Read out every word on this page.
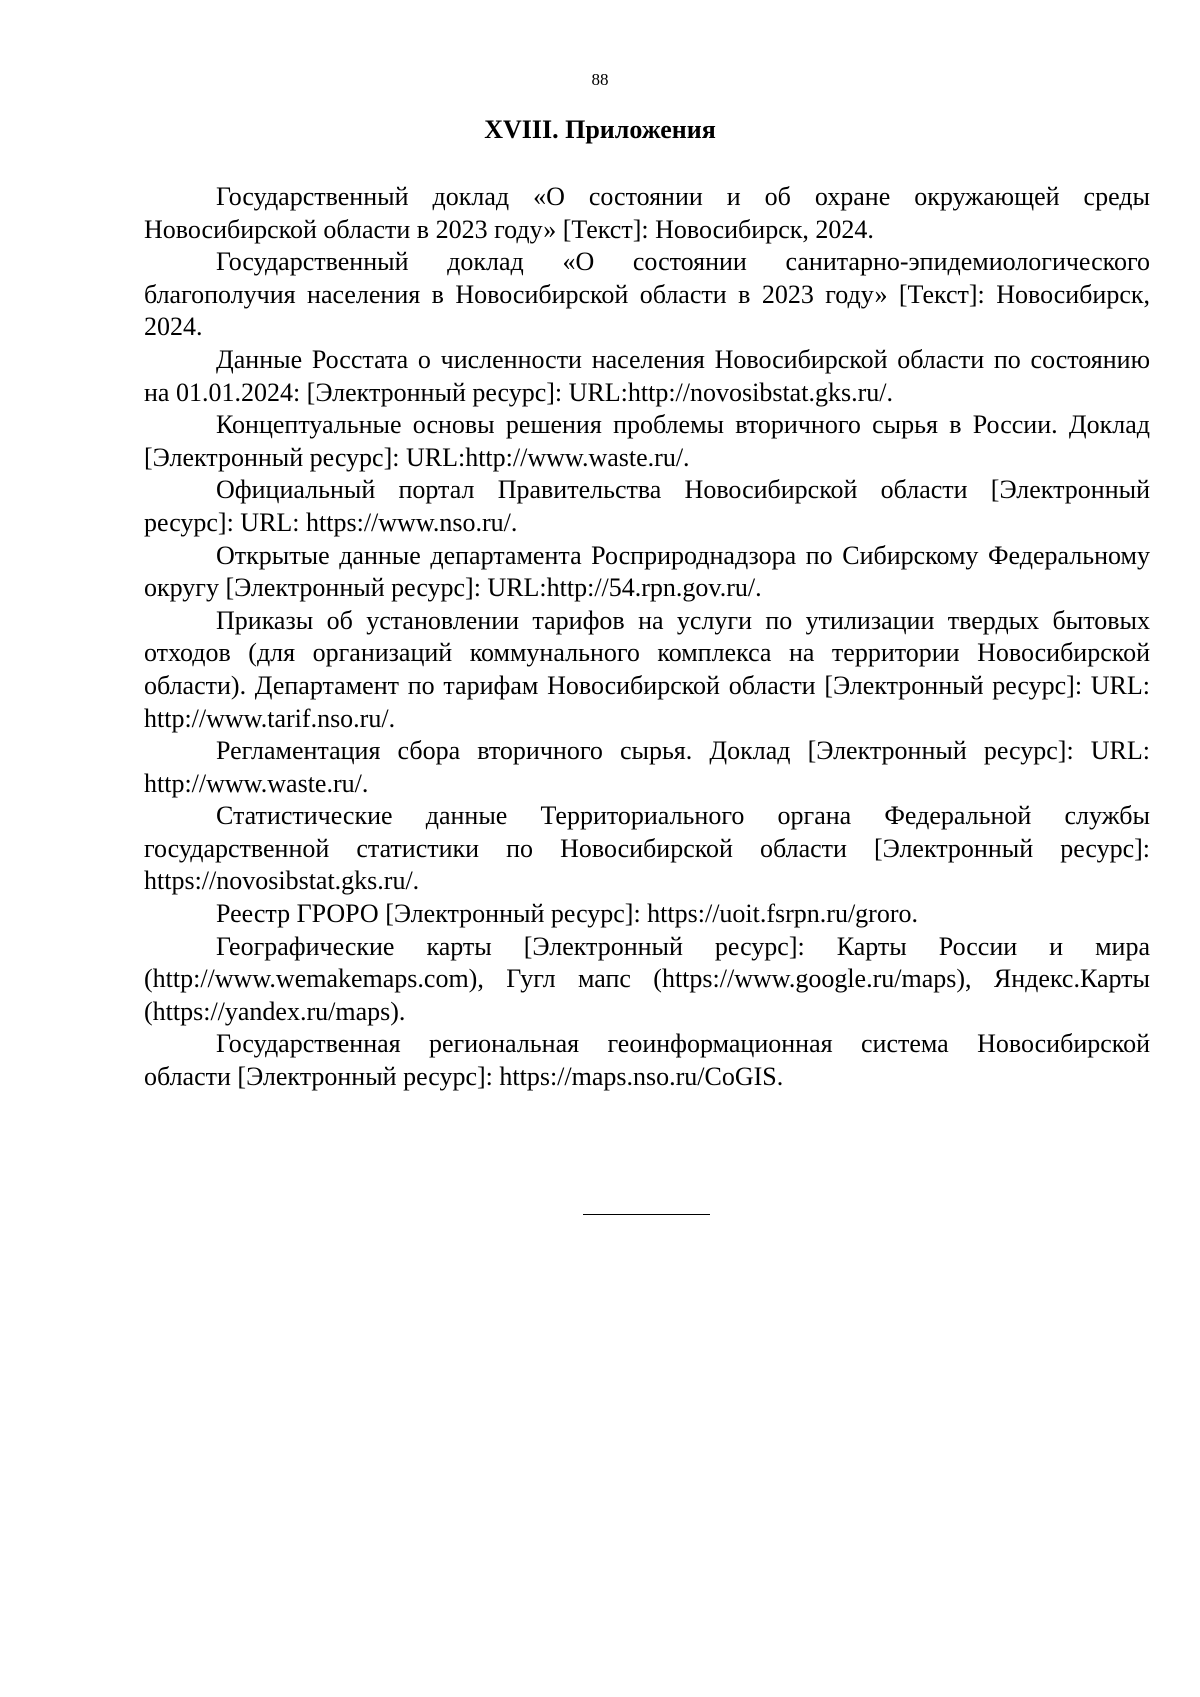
88
XVIII. Приложения

Государственный доклад «О состоянии и об охране окружающей среды Новосибирской области в 2023 году» [Текст]: Новосибирск, 2024.

Государственный доклад «О состоянии санитарно-эпидемиологического благополучия населения в Новосибирской области в 2023 году» [Текст]: Новосибирск, 2024.

Данные Росстата о численности населения Новосибирской области по состоянию на 01.01.2024: [Электронный ресурс]: URL:http://novosibstat.gks.ru/.

Концептуальные основы решения проблемы вторичного сырья в России. Доклад [Электронный ресурс]: URL:http://www.waste.ru/.

Официальный портал Правительства Новосибирской области [Электронный ресурс]: URL: https://www.nso.ru/.

Открытые данные департамента Росприроднадзора по Сибирскому Федеральному округу [Электронный ресурс]: URL:http://54.rpn.gov.ru/.

Приказы об установлении тарифов на услуги по утилизации твердых бытовых отходов (для организаций коммунального комплекса на территории Новосибирской области). Департамент по тарифам Новосибирской области [Электронный ресурс]: URL: http://www.tarif.nso.ru/.

Регламентация сбора вторичного сырья. Доклад [Электронный ресурс]: URL: http://www.waste.ru/.

Статистические данные Территориального органа Федеральной службы государственной статистики по Новосибирской области [Электронный ресурс]: https://novosibstat.gks.ru/.

Реестр ГРОРО [Электронный ресурс]: https://uoit.fsrpn.ru/groro.

Географические карты [Электронный ресурс]: Карты России и мира (http://www.wemakemaps.com), Гугл мапс (https://www.google.ru/maps), Яндекс.Карты (https://yandex.ru/maps).

Государственная региональная геоинформационная система Новосибирской области [Электронный ресурс]: https://maps.nso.ru/CoGIS.
